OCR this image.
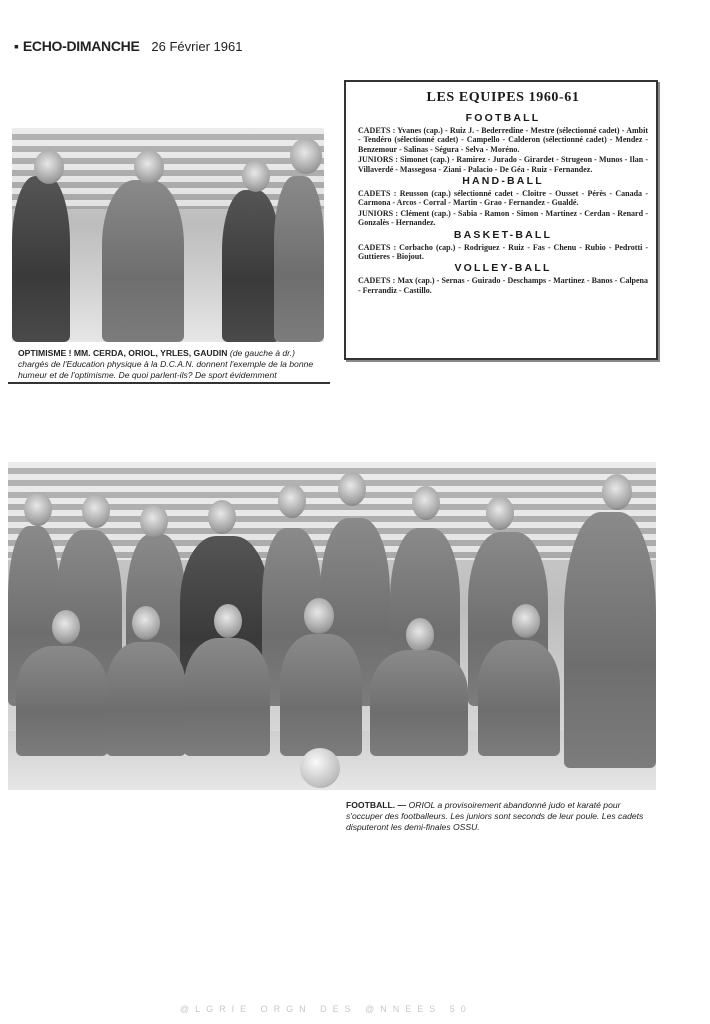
▪ ECHO-DIMANCHE 26 Février 1961
OPTIMISME ! MM. CERDA, ORIOL, YRLES, GAUDIN (de gauche à dr.) chargés de l'Education physique à la D.C.A.N. donnent l'exemple de la bonne humeur et de l'optimisme. De quoi parlent-ils? De sport évidemment
LES EQUIPES 1960-61
FOOTBALL

CADETS : Yvanes (cap.) - Ruiz J. - Bederredine - Mestre (sélectionné cadet) - Ambit - Tendéro (sélectionné cadet) - Campello - Calderon (sélectionné cadet) - Mendez - Benzemour - Salinas - Ségura - Selva - Moréno.

JUNIORS : Simonet (cap.) - Ramirez - Jurado - Girardet - Strugeon - Munos - Ilan - Villaverdé - Massegosa - Ziani - Palacio - De Géa - Ruiz - Fernandez.

HAND-BALL

CADETS : Reusson (cap.) sélectionné cadet - Cloitre - Ousset - Pérès - Canada - Carmona - Arcos - Corral - Martin - Grao - Fernandez - Gualdé.

JUNIORS : Clément (cap.) - Sabia - Ramon - Simon - Martinez - Cerdan - Renard - Gonzalès - Hernandez.

BASKET-BALL

CADETS : Corbacho (cap.) - Rodriguez - Ruiz - Fas - Chenu - Rubio - Pedrotti - Guttieres - Biojout.

VOLLEY-BALL

CADETS : Max (cap.) - Sernas - Guirado - Deschamps - Martinez - Banos - Calpena - Ferrandiz - Castillo.

FOOTBALL. — ORIOL a provisoirement abandonné judo et karaté pour s'occuper des footballeurs. Les juniors sont seconds de leur poule. Les cadets disputeront les demi-finales OSSU.
@LGRIE ORGN DES @NNEES 50
